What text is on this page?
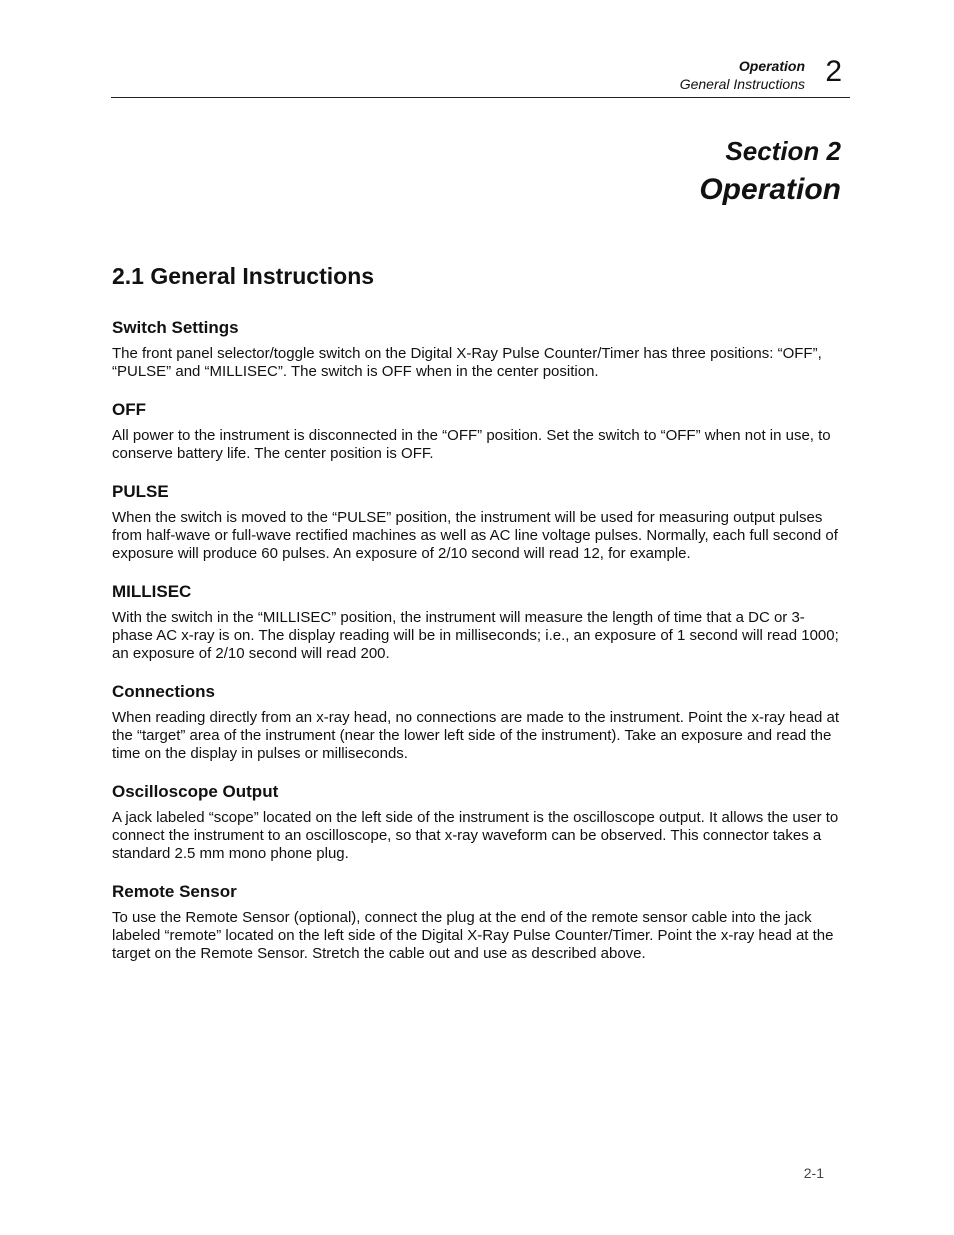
Operation
General Instructions 2
Section 2
Operation
2.1 General Instructions
Switch Settings

The front panel selector/toggle switch on the Digital X-Ray Pulse Counter/Timer has three positions: “OFF”, “PULSE” and “MILLISEC”. The switch is OFF when in the center position.

OFF

All power to the instrument is disconnected in the “OFF” position. Set the switch to “OFF” when not in use, to conserve battery life. The center position is OFF.

PULSE

When the switch is moved to the “PULSE” position, the instrument will be used for measuring output pulses from half-wave or full-wave rectified machines as well as AC line voltage pulses. Normally, each full second of exposure will produce 60 pulses. An exposure of 2/10 second will read 12, for example.

MILLISEC

With the switch in the “MILLISEC” position, the instrument will measure the length of time that a DC or 3-phase AC x-ray is on. The display reading will be in milliseconds; i.e., an exposure of 1 second will read 1000; an exposure of 2/10 second will read 200.

Connections

When reading directly from an x-ray head, no connections are made to the instrument. Point the x-ray head at the “target” area of the instrument (near the lower left side of the instrument). Take an exposure and read the time on the display in pulses or milliseconds.

Oscilloscope Output

A jack labeled “scope” located on the left side of the instrument is the oscilloscope output. It allows the user to connect the instrument to an oscilloscope, so that x-ray waveform can be observed. This connector takes a standard 2.5 mm mono phone plug.

Remote Sensor

To use the Remote Sensor (optional), connect the plug at the end of the remote sensor cable into the jack labeled “remote” located on the left side of the Digital X-Ray Pulse Counter/Timer. Point the x-ray head at the target on the Remote Sensor. Stretch the cable out and use as described above.

2-1
